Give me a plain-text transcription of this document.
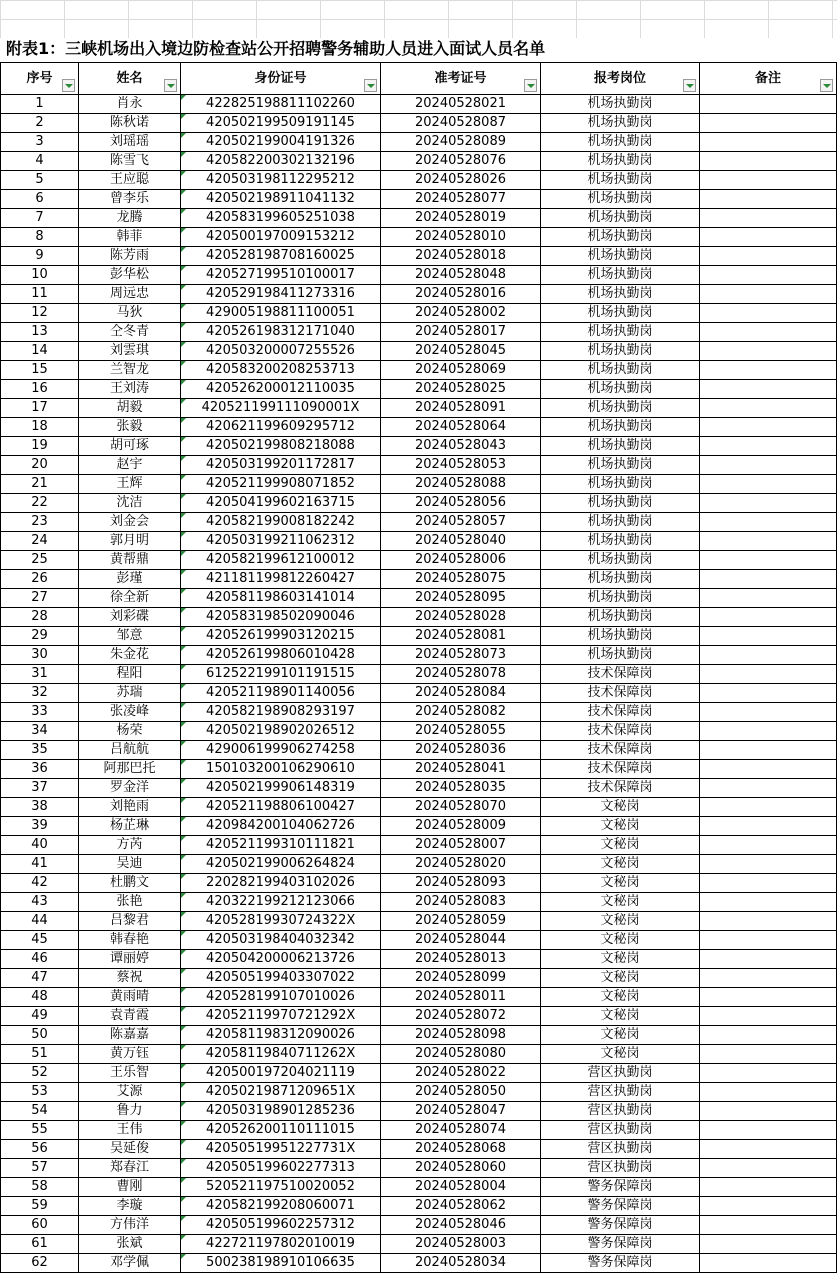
附表1：三峡机场出入境边防检查站公开招聘警务辅助人员进入面试人员名单
序号	姓名	身份证号	准考证号	报考岗位	备注

1	肖永	422825198811102260	20240528021	机场执勤岗	
2	陈秋诺	420502199509191145	20240528087	机场执勤岗	
3	刘瑶瑶	420502199004191326	20240528089	机场执勤岗	
4	陈雪飞	420582200302132196	20240528076	机场执勤岗	
5	王应聪	420503198112295212	20240528026	机场执勤岗	
6	曾李乐	420502198911041132	20240528077	机场执勤岗	
7	龙腾	420583199605251038	20240528019	机场执勤岗	
8	韩菲	420500197009153212	20240528010	机场执勤岗	
9	陈芳雨	420528198708160025	20240528018	机场执勤岗	
10	彭华松	420527199510100017	20240528048	机场执勤岗	
11	周远忠	420529198411273316	20240528016	机场执勤岗	
12	马狄	429005198811100051	20240528002	机场执勤岗	
13	仝冬青	420526198312171040	20240528017	机场执勤岗	
14	刘雲琪	420503200007255526	20240528045	机场执勤岗	
15	兰智龙	420583200208253713	20240528069	机场执勤岗	
16	王刘涛	420526200012110035	20240528025	机场执勤岗	
17	胡毅	420521199111090001X	20240528091	机场执勤岗	
18	张毅	420621199609295712	20240528064	机场执勤岗	
19	胡可琢	420502199808218088	20240528043	机场执勤岗	
20	赵宇	420503199201172817	20240528053	机场执勤岗	
21	王辉	420521199908071852	20240528088	机场执勤岗	
22	沈洁	420504199602163715	20240528056	机场执勤岗	
23	刘金会	420582199008182242	20240528057	机场执勤岗	
24	郭月明	420503199211062312	20240528040	机场执勤岗	
25	黄帮鼎	420582199612100012	20240528006	机场执勤岗	
26	彭瑾	421181199812260427	20240528075	机场执勤岗	
27	徐全新	420581198603141014	20240528095	机场执勤岗	
28	刘彩碟	420583198502090046	20240528028	机场执勤岗	
29	邹意	420526199903120215	20240528081	机场执勤岗	
30	朱金花	420526199806010428	20240528073	机场执勤岗	
31	程阳	612522199101191515	20240528078	技术保障岗	
32	苏瑞	420521198901140056	20240528084	技术保障岗	
33	张凌峰	420582198908293197	20240528082	技术保障岗	
34	杨荣	420502198902026512	20240528055	技术保障岗	
35	吕航航	429006199906274258	20240528036	技术保障岗	
36	阿那巴托	150103200106290610	20240528041	技术保障岗	
37	罗金洋	420502199906148319	20240528035	技术保障岗	
38	刘艳雨	420521198806100427	20240528070	文秘岗	
39	杨芷琳	420984200104062726	20240528009	文秘岗	
40	方芮	420521199310111821	20240528007	文秘岗	
41	吴迪	420502199006264824	20240528020	文秘岗	
42	杜鹏文	220282199403102026	20240528093	文秘岗	
43	张艳	420322199212123066	20240528083	文秘岗	
44	吕黎君	42052819930724322X	20240528059	文秘岗	
45	韩春艳	420503198404032342	20240528044	文秘岗	
46	谭丽婷	420504200006213726	20240528013	文秘岗	
47	蔡祝	420505199403307022	20240528099	文秘岗	
48	黄雨晴	420528199107010026	20240528011	文秘岗	
49	袁青霞	42052119970721292X	20240528072	文秘岗	
50	陈嘉嘉	420581198312090026	20240528098	文秘岗	
51	黄万钰	42058119840711262X	20240528080	文秘岗	
52	王乐智	420500197204021119	20240528022	营区执勤岗	
53	艾源	42050219871209651X	20240528050	营区执勤岗	
54	鲁力	420503198901285236	20240528047	营区执勤岗	
55	王伟	420526200110111015	20240528074	营区执勤岗	
56	吴延俊	42050519951227731X	20240528068	营区执勤岗	
57	郑春江	420505199602277313	20240528060	营区执勤岗	
58	曹刚	520521197510020052	20240528004	警务保障岗	
59	李璇	420582199208060071	20240528062	警务保障岗	
60	方伟洋	420505199602257312	20240528046	警务保障岗	
61	张斌	422721197802010019	20240528003	警务保障岗	
62	邓学佩	500238198910106635	20240528034	警务保障岗	
